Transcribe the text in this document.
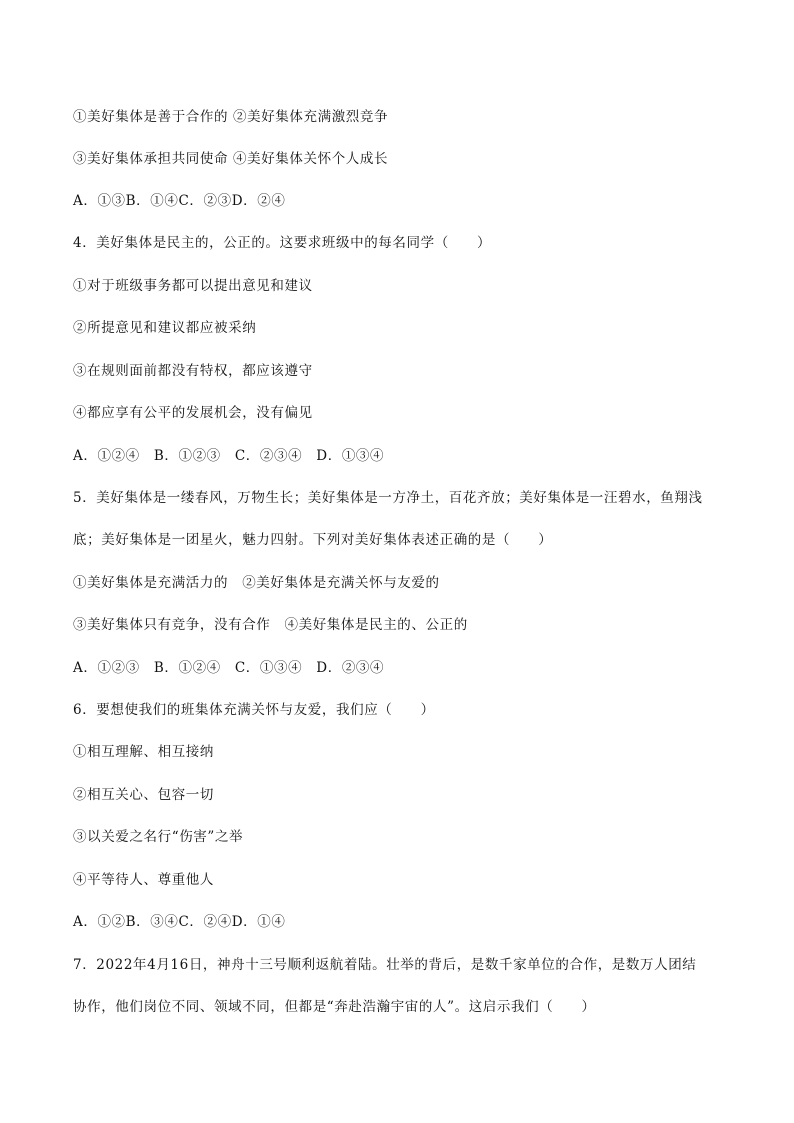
①美好集体是善于合作的 ②美好集体充满激烈竞争
③美好集体承担共同使命 ④美好集体关怀个人成长
A．①③B．①④C．②③D．②④
4．美好集体是民主的，公正的。这要求班级中的每名同学（　　）
①对于班级事务都可以提出意见和建议
②所提意见和建议都应被采纳
③在规则面前都没有特权，都应该遵守
④都应享有公平的发展机会，没有偏见
A．①②④　B．①②③　C．②③④　D．①③④
5．美好集体是一缕春风，万物生长；美好集体是一方净土，百花齐放；美好集体是一汪碧水，鱼翔浅
底；美好集体是一团星火，魅力四射。下列对美好集体表述正确的是（　　）
①美好集体是充满活力的　②美好集体是充满关怀与友爱的
③美好集体只有竞争，没有合作　④美好集体是民主的、公正的
A．①②③　B．①②④　C．①③④　D．②③④
6．要想使我们的班集体充满关怀与友爱，我们应（　　）
①相互理解、相互接纳
②相互关心、包容一切
③以关爱之名行“伤害”之举
④平等待人、尊重他人
A．①②B．③④C．②④D．①④
7．2022年4月16日，神舟十三号顺利返航着陆。壮举的背后，是数千家单位的合作，是数万人团结
协作，他们岗位不同、领域不同，但都是“奔赴浩瀚宇宙的人”。这启示我们（　　）
